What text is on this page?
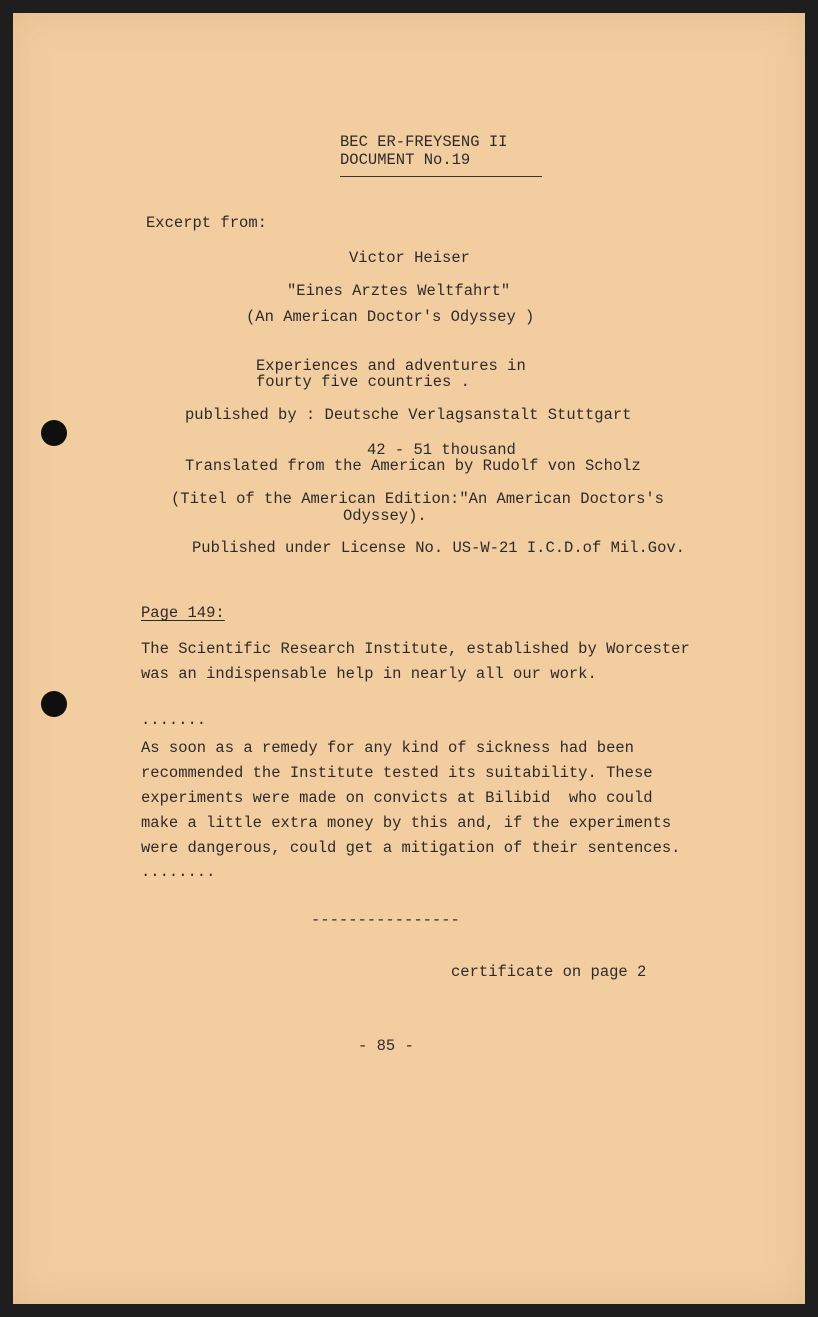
BEC ER-FREYSENG II
DOCUMENT No.19
Excerpt from:
Victor Heiser
"Eines Arztes Weltfahrt"
(An American Doctor's Odyssey )
Experiences and adventures in
fourty five countries .
published by : Deutsche Verlagsanstalt Stuttgart
42 - 51 thousand
Translated from the American by Rudolf von Scholz
(Titel of the American Edition:"An American Doctors's
Odyssey).
Published under License No. US-W-21 I.C.D.of Mil.Gov.
Page 149:
The Scientific Research Institute, established by Worcester
was an indispensable help in nearly all our work.
.......
As soon as a remedy for any kind of sickness had been
recommended the Institute tested its suitability. These
experiments were made on convicts at Bilibid  who could
make a little extra money by this and, if the experiments
were dangerous, could get a mitigation of their sentences.
........
----------------
certificate on page 2
- 85 -
